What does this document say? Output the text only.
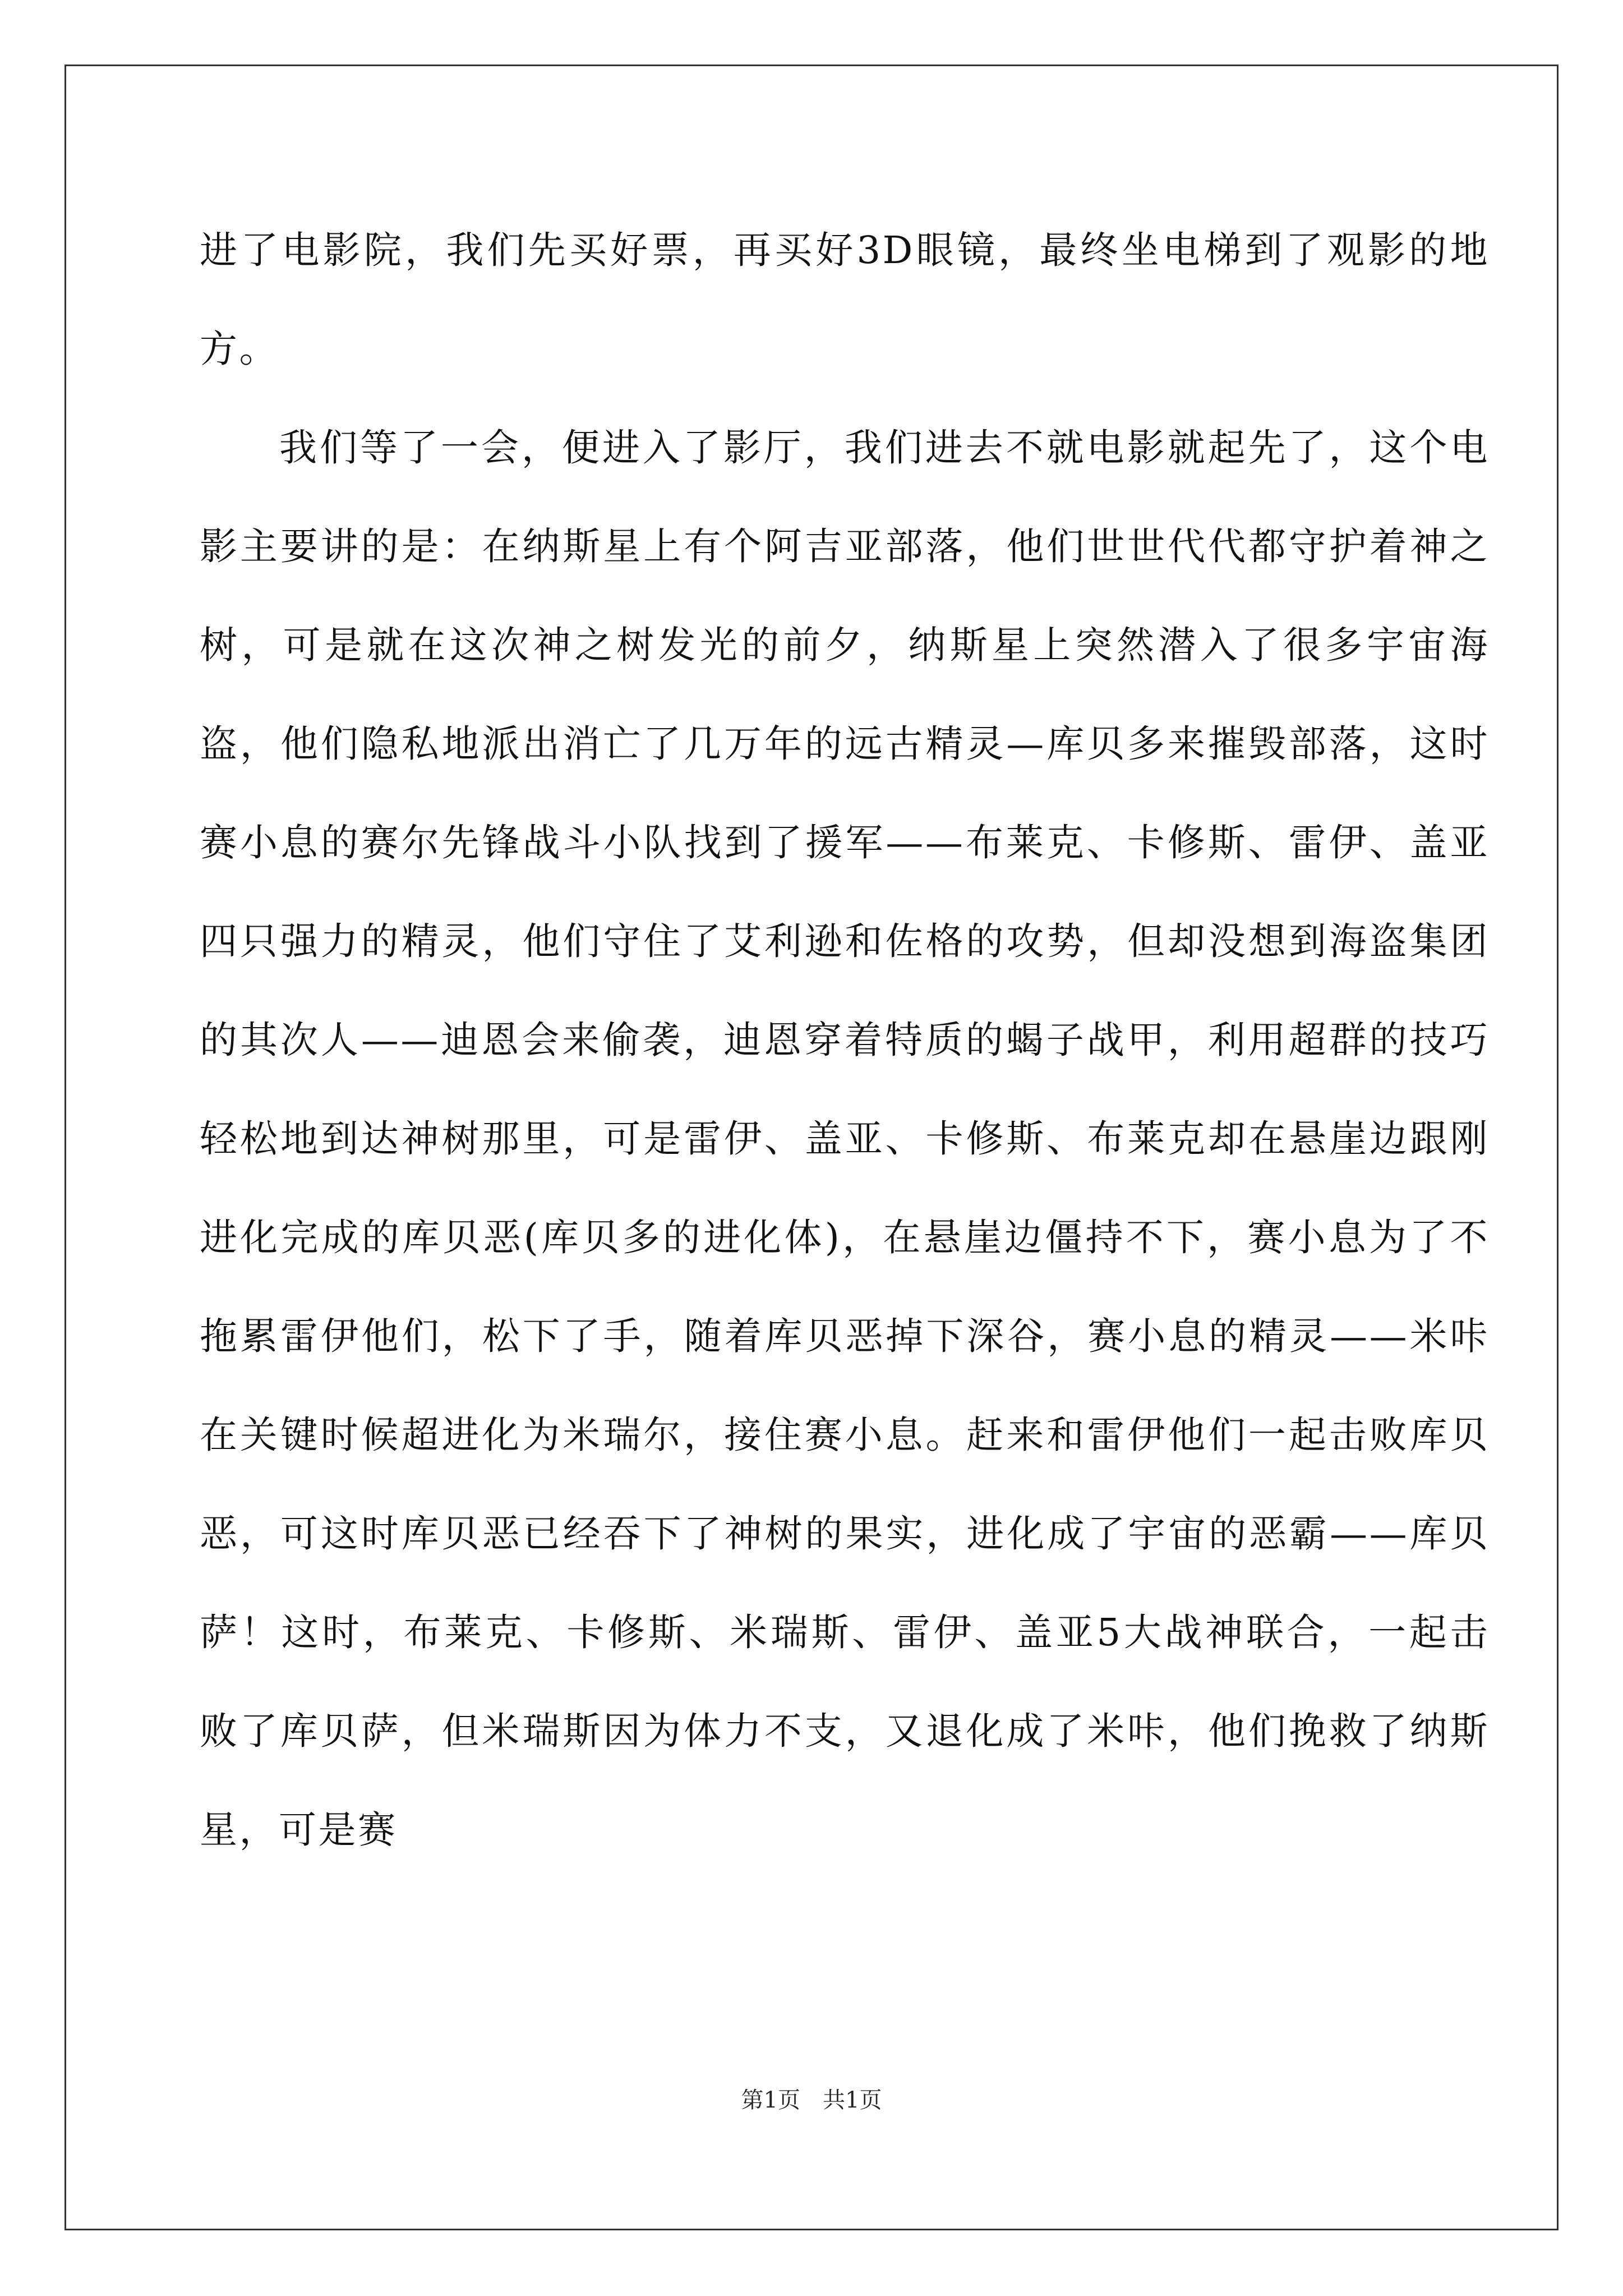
进了电影院，我们先买好票，再买好3D眼镜，最终坐电梯到了观影的地方。

我们等了一会，便进入了影厅，我们进去不就电影就起先了，这个电影主要讲的是：在纳斯星上有个阿吉亚部落，他们世世代代都守护着神之树，可是就在这次神之树发光的前夕，纳斯星上突然潜入了很多宇宙海盗，他们隐私地派出消亡了几万年的远古精灵—库贝多来摧毁部落，这时赛小息的赛尔先锋战斗小队找到了援军——布莱克、卡修斯、雷伊、盖亚四只强力的精灵，他们守住了艾利逊和佐格的攻势，但却没想到海盗集团的其次人——迪恩会来偷袭，迪恩穿着特质的蝎子战甲，利用超群的技巧轻松地到达神树那里，可是雷伊、盖亚、卡修斯、布莱克却在悬崖边跟刚进化完成的库贝恶(库贝多的进化体)，在悬崖边僵持不下，赛小息为了不拖累雷伊他们，松下了手，随着库贝恶掉下深谷，赛小息的精灵——米咔在关键时候超进化为米瑞尔，接住赛小息。赶来和雷伊他们一起击败库贝恶，可这时库贝恶已经吞下了神树的果实，进化成了宇宙的恶霸——库贝萨！这时，布莱克、卡修斯、米瑞斯、雷伊、盖亚5大战神联合，一起击败了库贝萨，但米瑞斯因为体力不支，又退化成了米咔，他们挽救了纳斯星，可是赛

第1页　共1页
